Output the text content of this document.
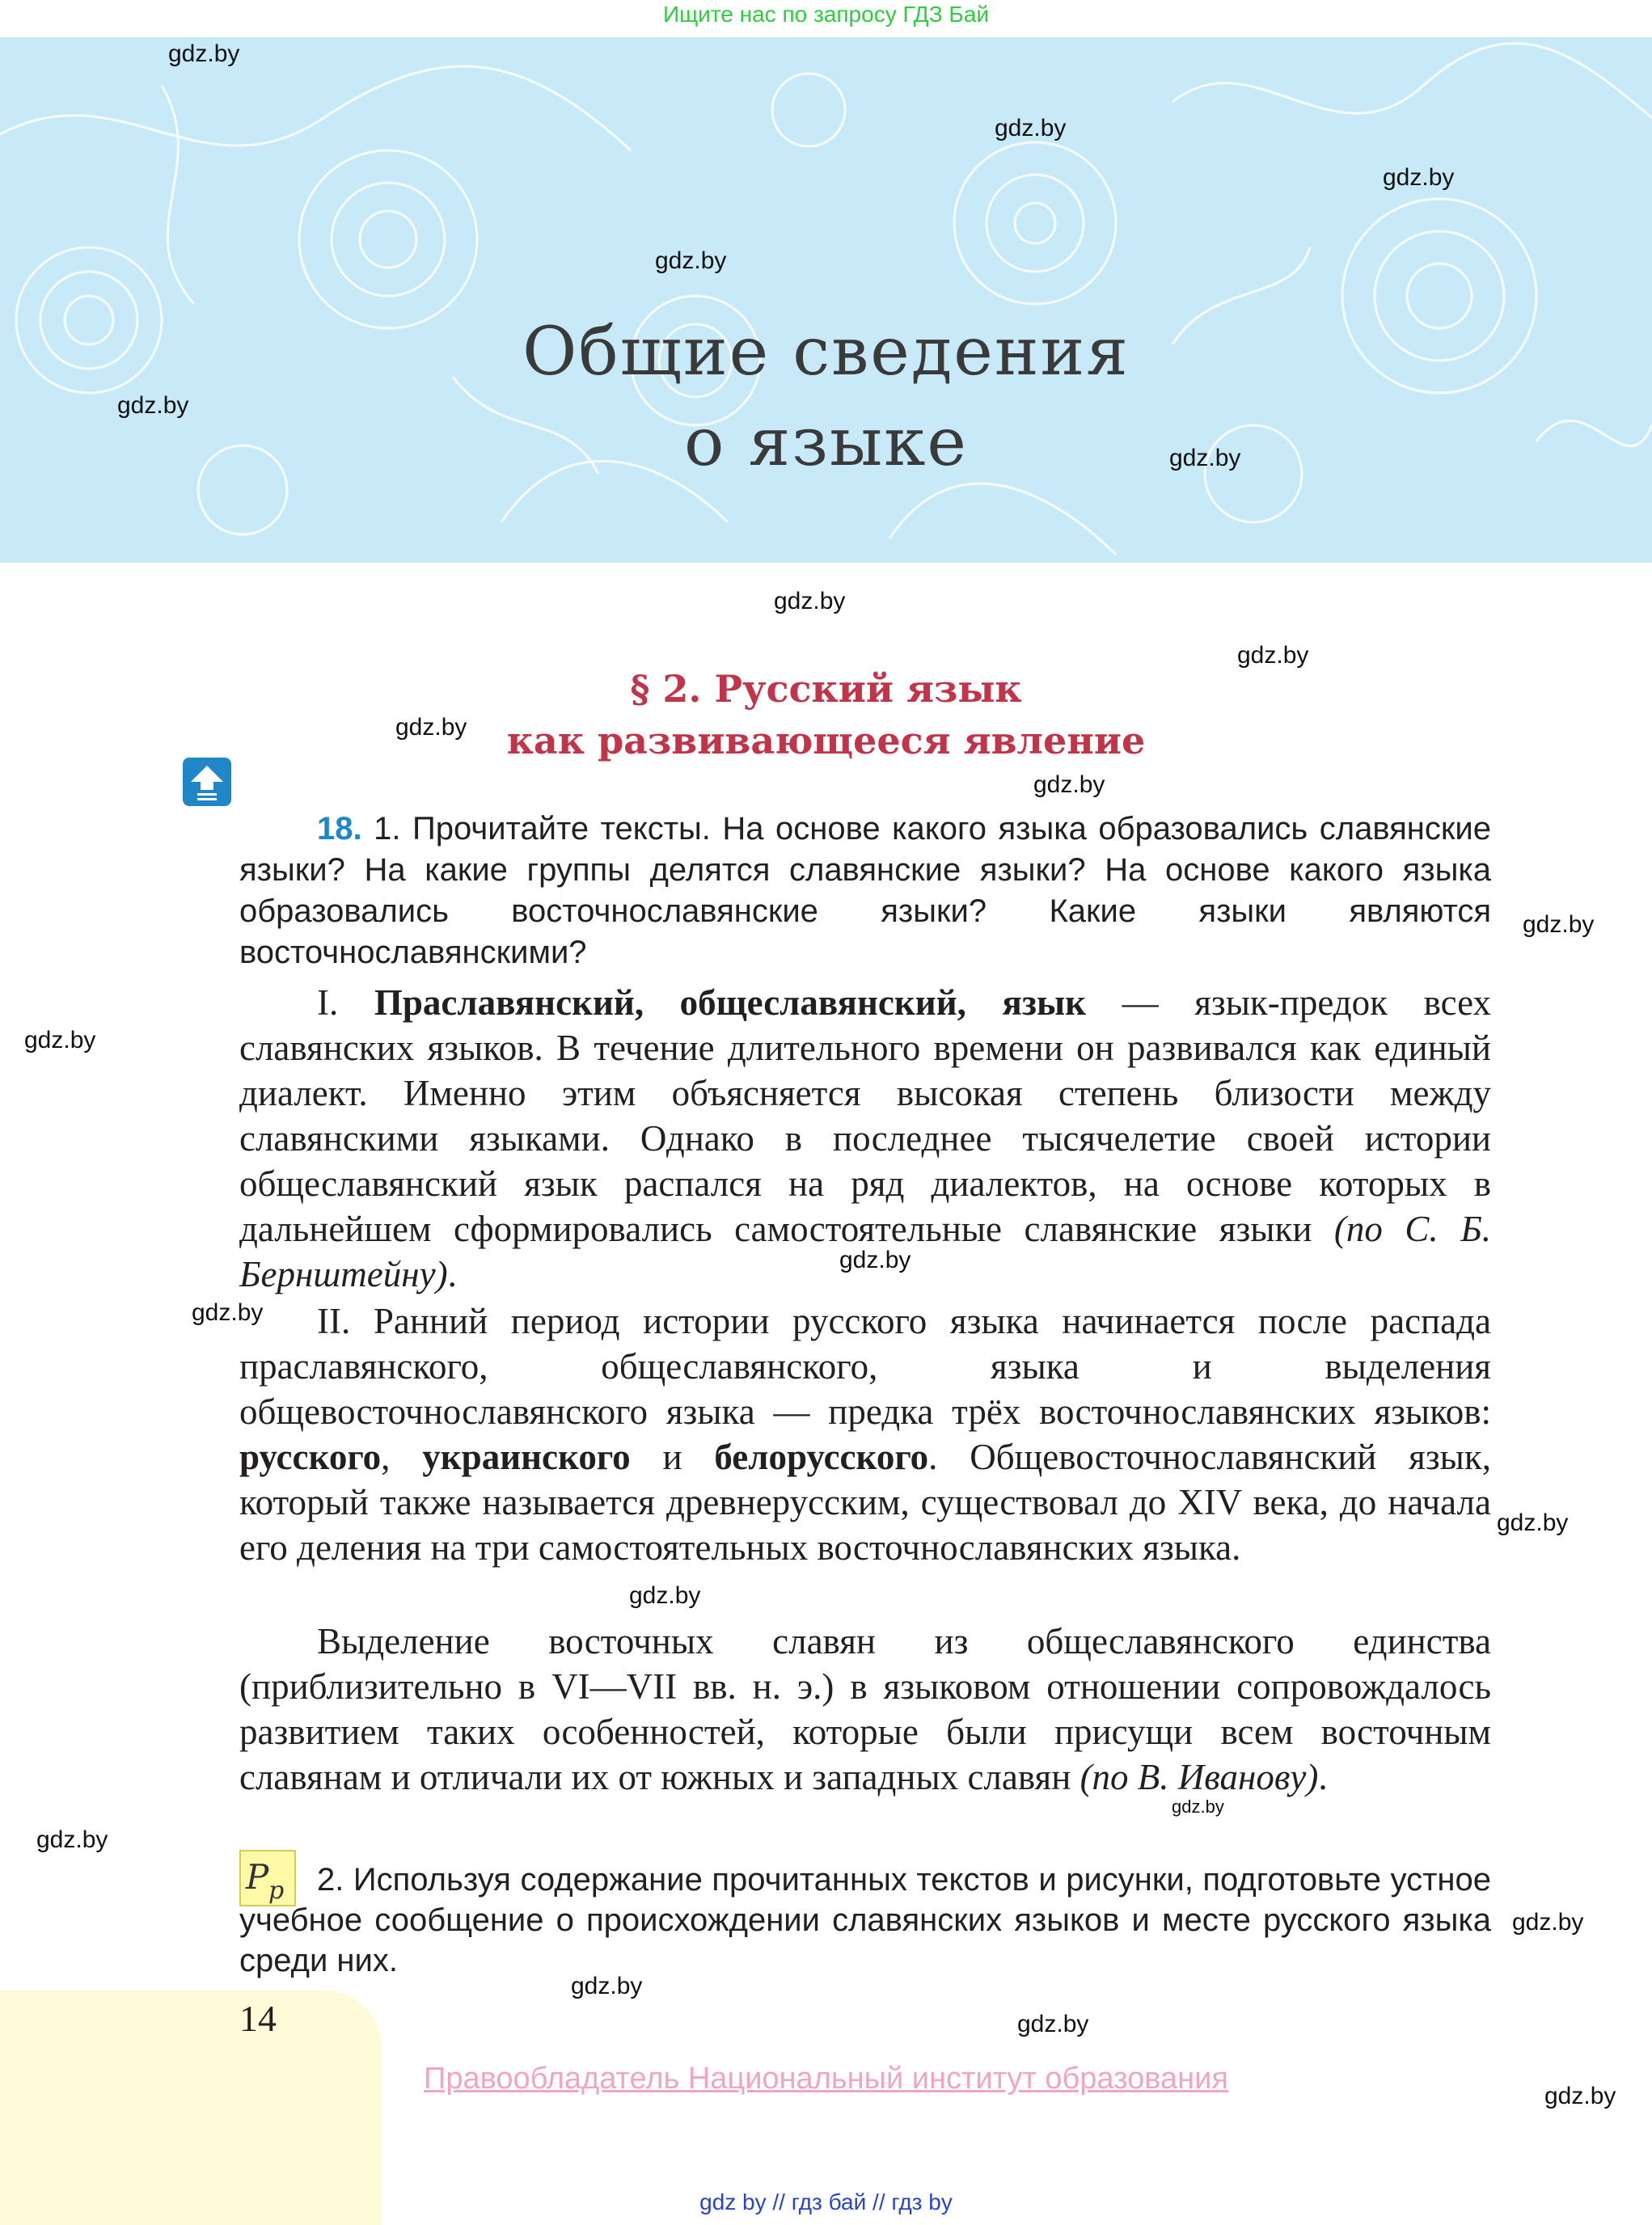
Ищите нас по запросу ГДЗ Бай
Общие сведения
о языке
gdz.by
gdz.by
gdz.by
gdz.by
gdz.by
gdz.by
gdz.by
gdz.by
gdz.by
gdz.by
gdz.by
gdz.by
gdz.by
gdz.by
gdz.by
gdz.by
gdz.by
gdz.by
gdz.by
gdz.by
gdz.by
gdz.by
§ 2. Русский язык
как развивающееся явление
18. 1. Прочитайте тексты. На основе какого языка образовались славянские языки? На какие группы делятся славянские языки? На основе какого языка образовались восточнославянские языки? Какие языки являются восточнославянскими?
I. Праславянский, общеславянский, язык — язык-предок всех славянских языков. В течение длительного времени он развивался как единый диалект. Именно этим объясняется высокая степень близости между славянскими языками. Однако в последнее тысячелетие своей истории общеславянский язык распался на ряд диалектов, на основе которых в дальнейшем сформировались самостоятельные славянские языки (по С. Б. Бернштейну).
II. Ранний период истории русского языка начинается после распада праславянского, общеславянского, языка и выделения общевосточнославянского языка — предка трёх восточнославянских языков: русского, украинского и белорусского. Общевосточнославянский язык, который также называется древнерусским, существовал до XIV века, до начала его деления на три самостоятельных восточнославянских языка.
Выделение восточных славян из общеславянского единства (приблизительно в VI—VII вв. н. э.) в языковом отношении сопровождалось развитием таких особенностей, которые были присущи всем восточным славянам и отличали их от южных и западных славян (по В. Иванову).
P p	2. Используя содержание прочитанных текстов и рисунки, подготовьте устное учебное сообщение о происхождении славянских языков и месте русского языка среди них.
14
Правообладатель Национальный институт образования
gdz by // гдз бай // гдз by
